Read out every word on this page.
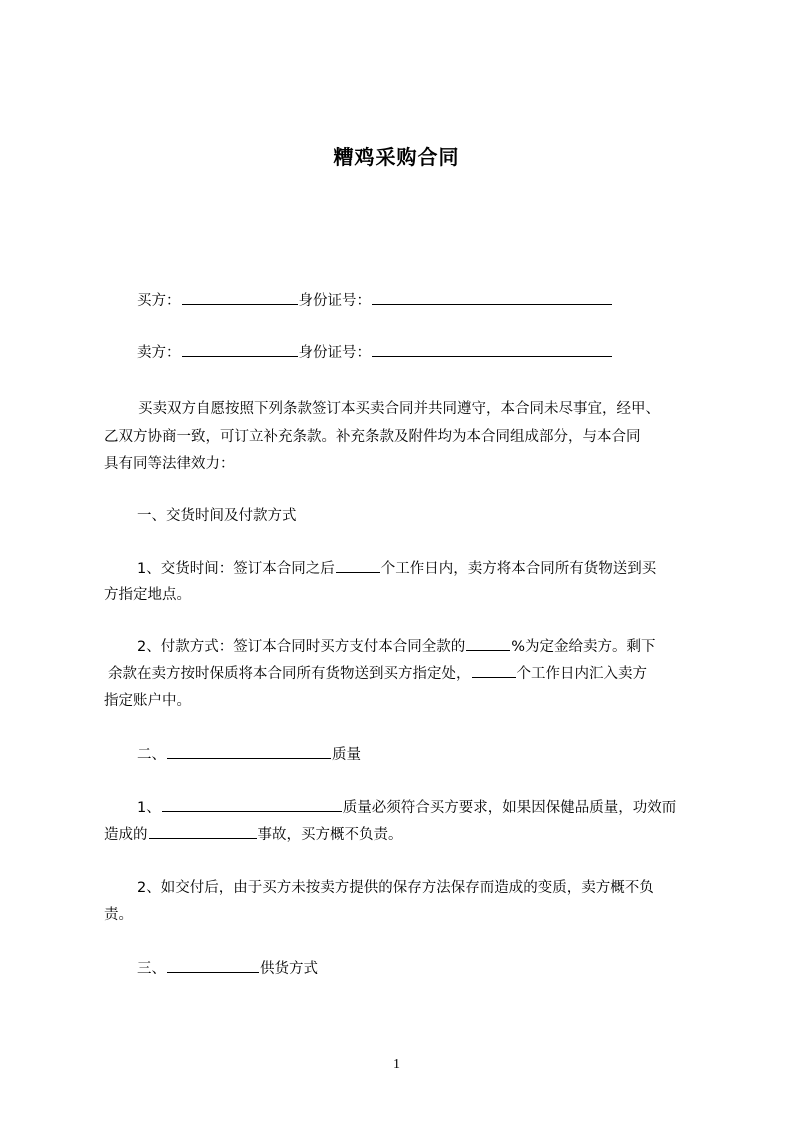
糟鸡采购合同
买方：	身份证号：
卖方：	身份证号：
买卖双方自愿按照下列条款签订本买卖合同并共同遵守，本合同未尽事宜，经甲、
乙双方协商一致，可订立补充条款。补充条款及附件均为本合同组成部分，与本合同
具有同等法律效力：
一、交货时间及付款方式
1、交货时间：签订本合同之后	个工作日内，卖方将本合同所有货物送到买
方指定地点。
2、付款方式：签订本合同时买方支付本合同全款的	%为定金给卖方。剩下
余款在卖方按时保质将本合同所有货物送到买方指定处，	个工作日内汇入卖方
指定账户中。
二、	质量
1、	质量必须符合买方要求，如果因保健品质量，功效而
造成的	事故，买方概不负责。
2、如交付后，由于买方未按卖方提供的保存方法保存而造成的变质，卖方概不负
责。
三、	供货方式
1
